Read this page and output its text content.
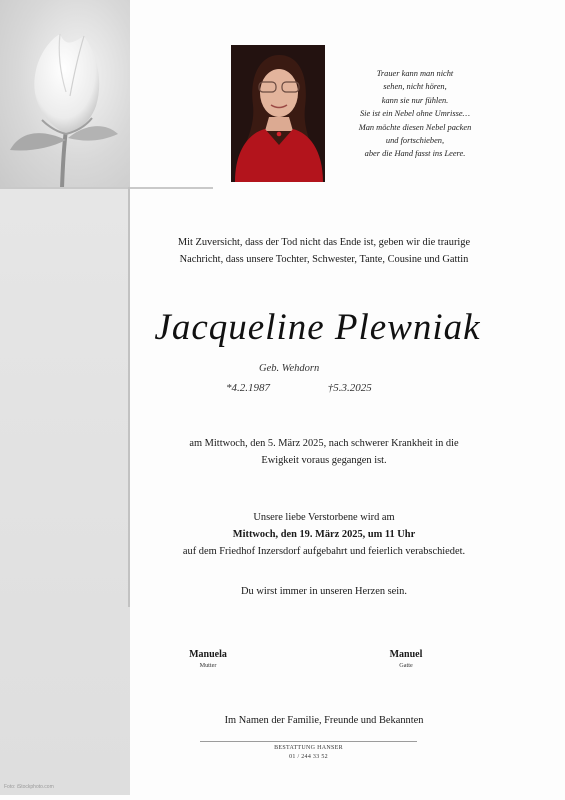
Foto: iStockphoto.com
Trauer kann man nicht
sehen, nicht hören,
kann sie nur fühlen.
Sie ist ein Nebel ohne Umrisse…
Man möchte diesen Nebel packen
und fortschieben,
aber die Hand fasst ins Leere.
Mit Zuversicht, dass der Tod nicht das Ende ist, geben wir die traurige
Nachricht, dass unsere Tochter, Schwester, Tante, Cousine und Gattin
Jacqueline Plewniak
Geb. Wehdorn
*4.2.1987	†5.3.2025
am Mittwoch, den 5. März 2025, nach schwerer Krankheit in die
Ewigkeit voraus gegangen ist.
Unsere liebe Verstorbene wird am
Mittwoch, den 19. März 2025, um 11 Uhr
auf dem Friedhof Inzersdorf aufgebahrt und feierlich verabschiedet.
Du wirst immer in unseren Herzen sein.
Manuela
Mutter
Manuel
Gatte
Im Namen der Familie, Freunde und Bekannten
BESTATTUNG HANSER
01 / 244 33 52
